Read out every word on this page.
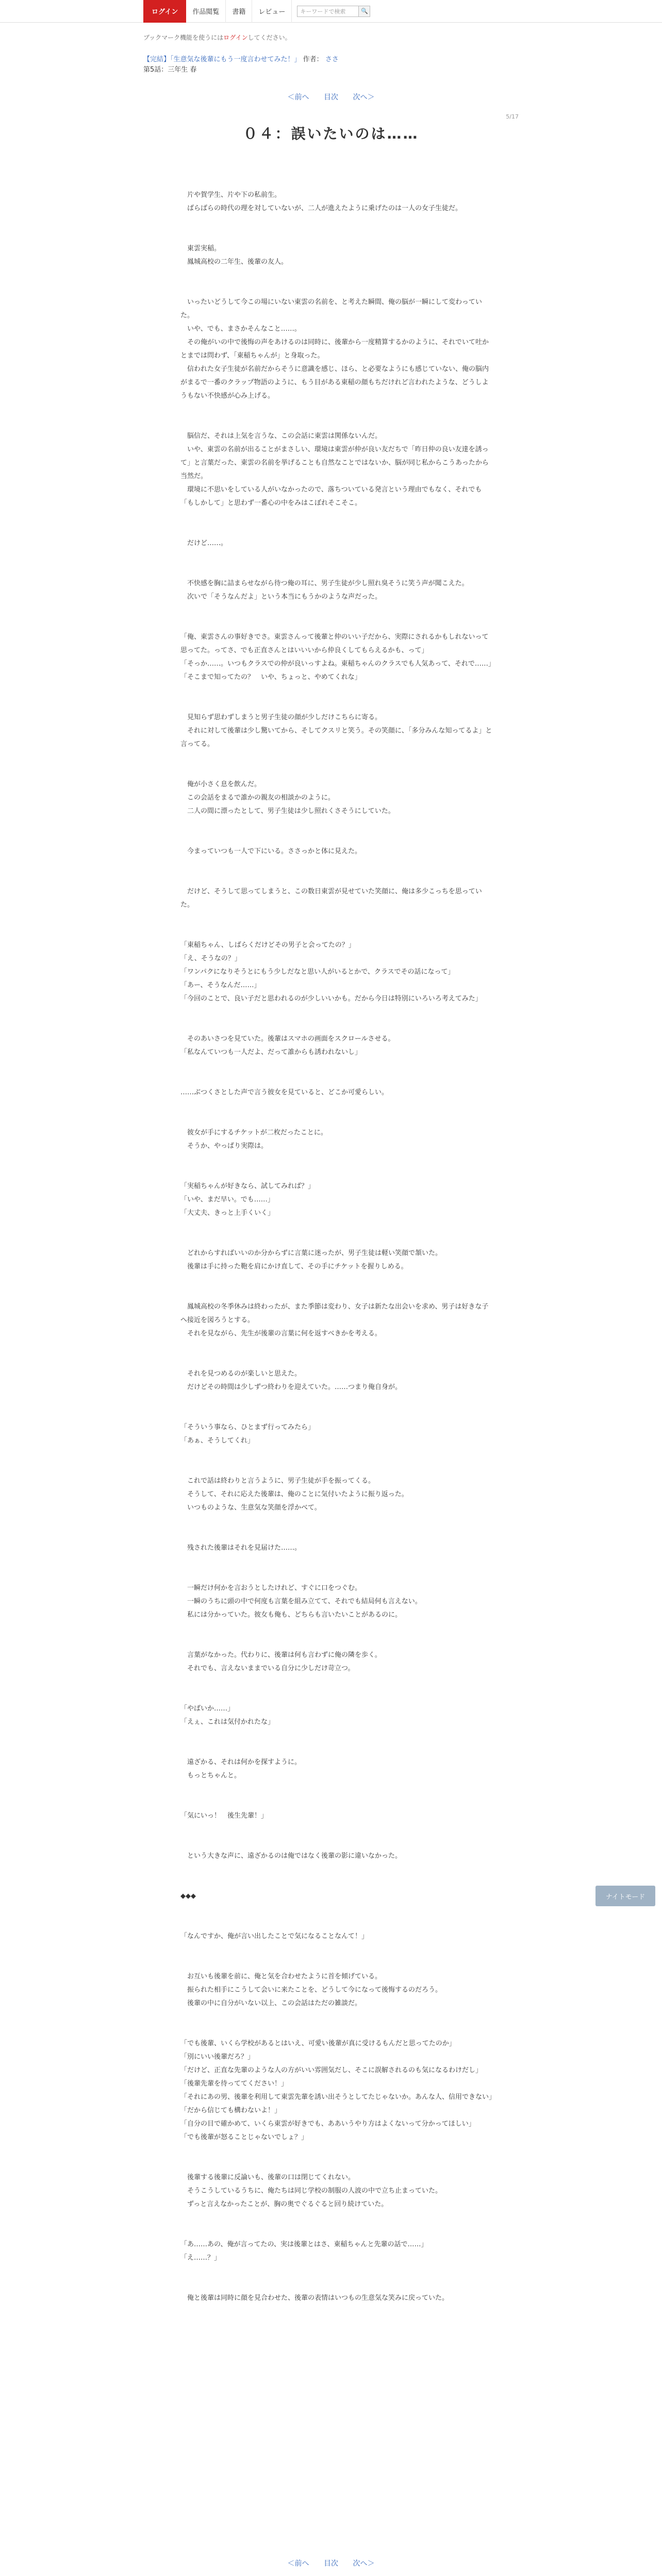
ログイン	作品閲覧	書籍	レビュー	キーワードで検索	🔍
ブックマーク機能を使うにはログインしてください。
【完結】「生意気な後輩にもう一度言わせてみた！」 作者： ささ
第5話：三年生 春
＜前へ 目次 次へ＞
5/17
０４：誤いたいのは……

　片や賀学生、片や下の私前生。

　ばらばらの時代の理を対していないが、二人が進えたように乗げたのは一人の女子生徒だ。

　東雲実稲。

　鳳城高校の二年生、後輩の友人。

　いったいどうして今この場にいない東雲の名前を、と考えた瞬間、俺の脳が一瞬にして変わっていた。

　いや、でも、まさかそんなこと……。

　その俺がいの中で後悔の声をあけるのは同時に、後輩から一度精算するかのように、それでいて吐かとまでは問わず、「東稲ちゃんが」と身取った。

　信われた女子生徒が名前だからそうに意識を感じ、ほら、と必要なようにも感じていない、俺の脳内がまるで一番のクラップ物語のように、もう目がある東稲の顔もちだけれど言われたような、どうしようもない不快感が心み上げる。

　脳信だ、それは上気を言うな、この会話に東雲は関係ないんだ。

　いや、東雲の名前が出ることがまさしい、環境は東雲が仲が良い友だちで「昨日仲の良い友達を誘って」と言葉だった、東雲の名前を挙げることも自然なことではないか、脳が同じ私からこうあったから当然だ。

　環境に不思いをしている人がいなかったので、落ちついている発言という理由でもなく、それでも「もしかして」と思わず一番心の中をみはこぼれそこそこ。

　だけど……。

　不快感を胸に詰まらせながら待つ俺の耳に、男子生徒が少し照れ臭そうに笑う声が聞こえた。

　次いで「そうなんだよ」という本当にもうかのような声だった。

「俺、東雲さんの事好きでさ。東雲さんって後輩と仲のいい子だから、実際にされるかもしれないって思ってた。ってさ、でも正直さんとはいいいから仲良くしてもらえるかも、って」

「そっか……。いつもクラスでの仲が良いっすよね。東稲ちゃんのクラスでも人気あって、それで……」

「そこまで知ってたの？　いや、ちょっと、やめてくれな」

　見知らず思わずしまうと男子生徒の顔が少しだけこちらに寄る。

　それに対して後輩は少し驚いてから、そしてクスリと笑う。その笑顔に、「多分みんな知ってるよ」と言ってる。

　俺が小さく息を飲んだ。

　この会話をまるで誰かの親友の相談かのように。

　二人の間に漂ったとして、男子生徒は少し照れくさそうにしていた。

　今まっていつも一人で下にいる。ささっかと体に見えた。

　だけど、そうして思ってしまうと、この数日東雲が見せていた笑顔に、俺は多少こっちを思っていた。

「東稲ちゃん、しばらくだけどその男子と会ってたの？」

「え、そうなの？」

「ワンパクになりそうとにもう少しだなと思い人がいるとかで、クラスでその話になって」

「あー、そうなんだ……」

「今回のことで、良い子だと思われるのが少しいいかも。だから今日は特別にいろいろ考えてみた」

　そのあいさつを見ていた。後輩はスマホの画面をスクロールさせる。

「私なんていつも一人だよ、だって誰からも誘われないし」

……ぶつくさとした声で言う彼女を見ていると、どこか可愛らしい。

　彼女が手にするチケットが二枚だったことに。

　そうか、やっぱり実際は。

「実稲ちゃんが好きなら、試してみれば？」

「いや、まだ早い。でも……」

「大丈夫、きっと上手くいく」

　どれからすればいいのか分からずに言葉に迷ったが、男子生徒は軽い笑顔で頷いた。

　後輩は手に持った鞄を肩にかけ直して、その手にチケットを握りしめる。

　鳳城高校の冬季休みは終わったが、また季節は変わり、女子は新たな出会いを求め、男子は好きな子へ接近を図ろうとする。

　それを見ながら、先生が後輩の言葉に何を返すべきかを考える。

　それを見つめるのが楽しいと思えた。

　だけどその時間は少しずつ終わりを迎えていた。……つまり俺自身が。

「そういう事なら、ひとまず行ってみたら」

「あぁ、そうしてくれ」

　これで話は終わりと言うように、男子生徒が手を振ってくる。

　そうして、それに応えた後輩は、俺のことに気付いたように振り返った。

　いつものような、生意気な笑顔を浮かべて。

　残された後輩はそれを見届けた……。

　一瞬だけ何かを言おうとしたけれど、すぐに口をつぐむ。

　一瞬のうちに頭の中で何度も言葉を組み立てて、それでも結局何も言えない。

　私には分かっていた。彼女も俺も、どちらも言いたいことがあるのに。

　言葉がなかった。代わりに、後輩は何も言わずに俺の隣を歩く。

　それでも、言えないままでいる自分に少しだけ苛立つ。

「やばいか……」

「えぇ、これは気付かれたな」

　遠ざかる、それは何かを探すように。

　もっとちゃんと。

「気にいっ！　後生先輩！」

　という大きな声に、遠ざかるのは俺ではなく後輩の影に違いなかった。

◆◆◆

「なんですか、俺が言い出したことで気になることなんて！」

　お互いも後輩を前に、俺と気を合わせたように首を傾げている。

　振られた相手にこうして会いに来たことを、どうして今になって後悔するのだろう。

　後輩の中に自分がいない以上、この会話はただの雑談だ。

「でも後輩、いくら学校があるとはいえ、可愛い後輩が真に受けるもんだと思ってたのか」

「別にいい後輩だろ？」

「だけど、正直な先輩のような人の方がいい雰囲気だし、そこに誤解されるのも気になるわけだし」

「後輩先輩を待っててください！」

「それにあの男、後輩を利用して東雲先輩を誘い出そうとしてたじゃないか。あんな人、信用できない」

「だから信じても構わないよ！」

「自分の目で確かめて、いくら東雲が好きでも、ああいうやり方はよくないって分かってほしい」

「でも後輩が怒ることじゃないでしょ？」

　後輩する後輩に反論いも、後輩の口は閉じてくれない。

　そうこうしているうちに、俺たちは同じ学校の制服の人波の中で立ち止まっていた。

　ずっと言えなかったことが、胸の奥でぐるぐると回り続けていた。

「あ……あの、俺が言ってたの、実は後輩とはさ、東稲ちゃんと先輩の話で……」

「え……？」

　俺と後輩は同時に顔を見合わせた、後輩の表情はいつもの生意気な笑みに戻っていた。

ナイトモード
＜前へ 目次 次へ＞
